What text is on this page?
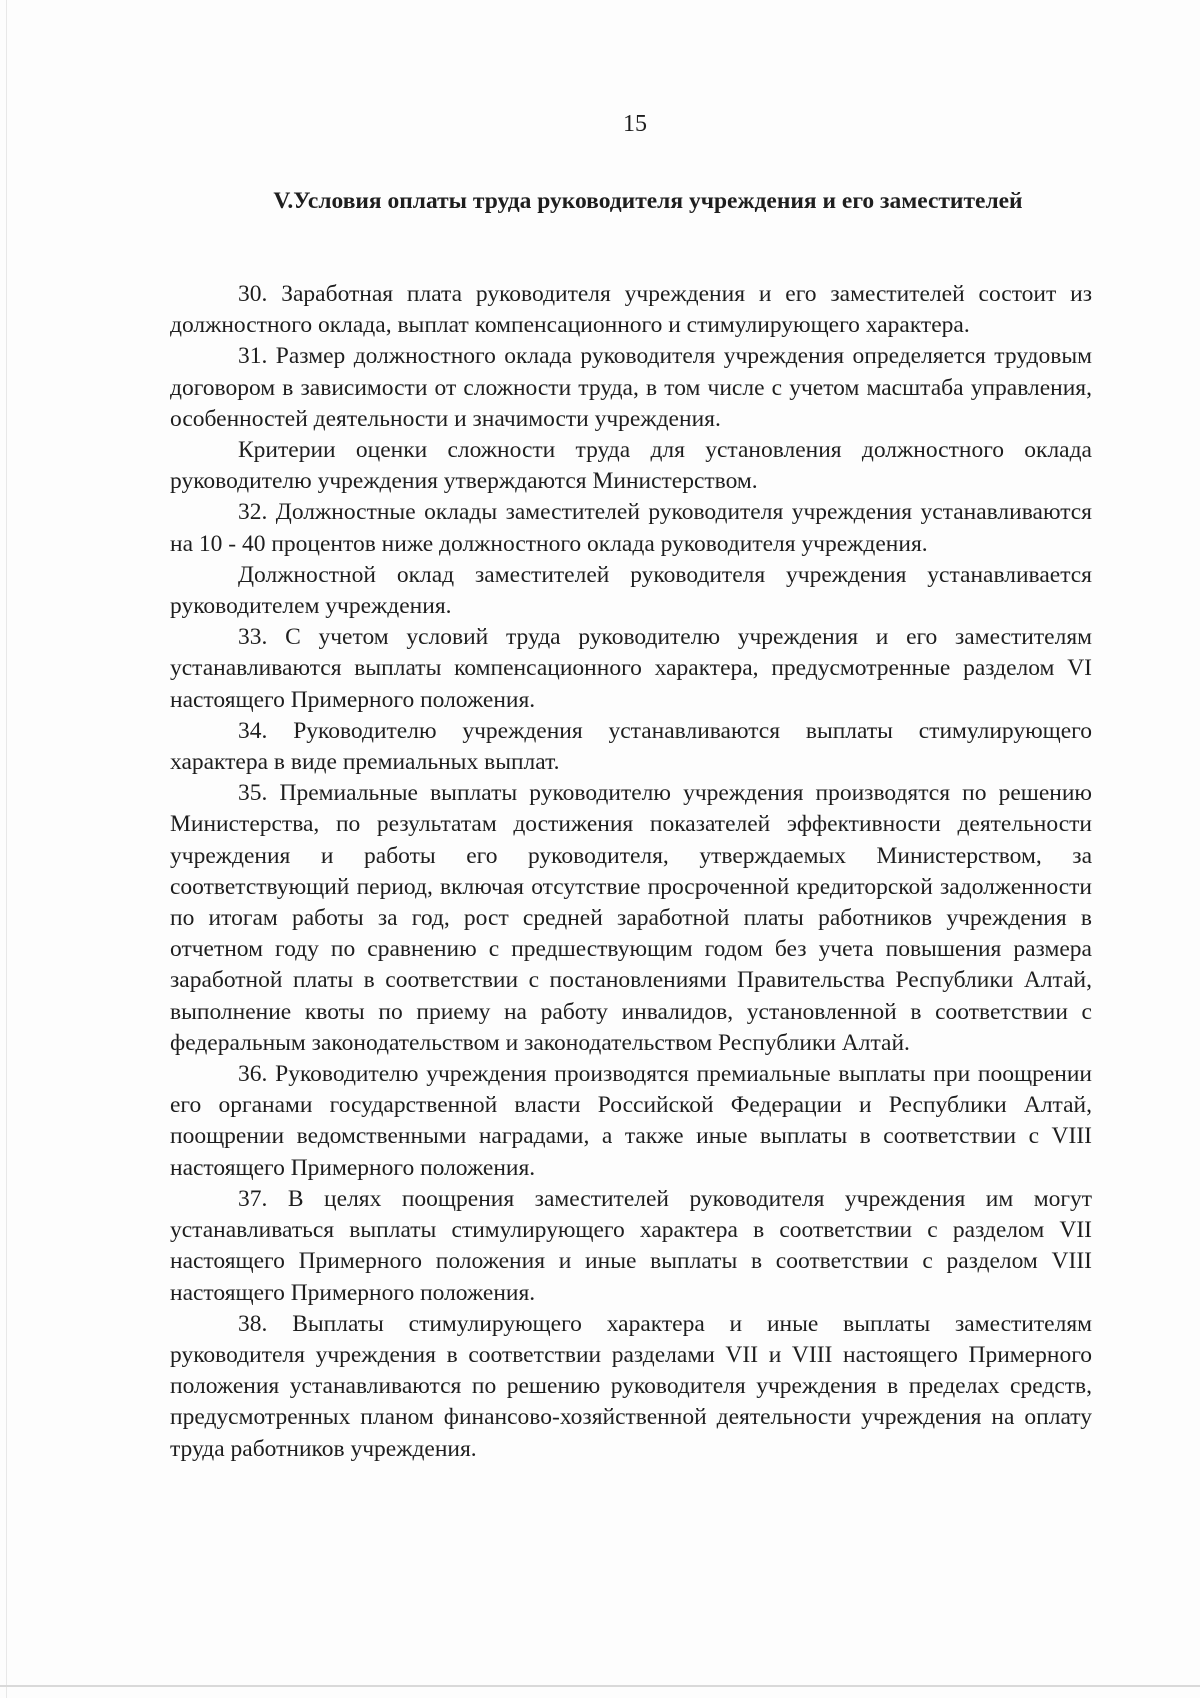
15
V.Условия оплаты труда руководителя учреждения и его заместителей

30. Заработная плата руководителя учреждения и его заместителей состоит из должностного оклада, выплат компенсационного и стимулирующего характера.

31. Размер должностного оклада руководителя учреждения определяется трудовым договором в зависимости от сложности труда, в том числе с учетом масштаба управления, особенностей деятельности и значимости учреждения.

Критерии оценки сложности труда для установления должностного оклада руководителю учреждения утверждаются Министерством.

32. Должностные оклады заместителей руководителя учреждения устанавливаются на 10 - 40 процентов ниже должностного оклада руководителя учреждения.

Должностной оклад заместителей руководителя учреждения устанавливается руководителем учреждения.

33. С учетом условий труда руководителю учреждения и его заместителям устанавливаются выплаты компенсационного характера, предусмотренные разделом VI настоящего Примерного положения.

34. Руководителю учреждения устанавливаются выплаты стимулирующего характера в виде премиальных выплат.

35. Премиальные выплаты руководителю учреждения производятся по решению Министерства, по результатам достижения показателей эффективности деятельности учреждения и работы его руководителя, утверждаемых Министерством, за соответствующий период, включая отсутствие просроченной кредиторской задолженности по итогам работы за год, рост средней заработной платы работников учреждения в отчетном году по сравнению с предшествующим годом без учета повышения размера заработной платы в соответствии с постановлениями Правительства Республики Алтай, выполнение квоты по приему на работу инвалидов, установленной в соответствии с федеральным законодательством и законодательством Республики Алтай.

36. Руководителю учреждения производятся премиальные выплаты при поощрении его органами государственной власти Российской Федерации и Республики Алтай, поощрении ведомственными наградами, а также иные выплаты в соответствии с VIII настоящего Примерного положения.

37. В целях поощрения заместителей руководителя учреждения им могут устанавливаться выплаты стимулирующего характера в соответствии с разделом VII настоящего Примерного положения и иные выплаты в соответствии с разделом VIII настоящего Примерного положения.

38. Выплаты стимулирующего характера и иные выплаты заместителям руководителя учреждения в соответствии разделами VII и VIII настоящего Примерного положения устанавливаются по решению руководителя учреждения в пределах средств, предусмотренных планом финансово-хозяйственной деятельности учреждения на оплату труда работников учреждения.
